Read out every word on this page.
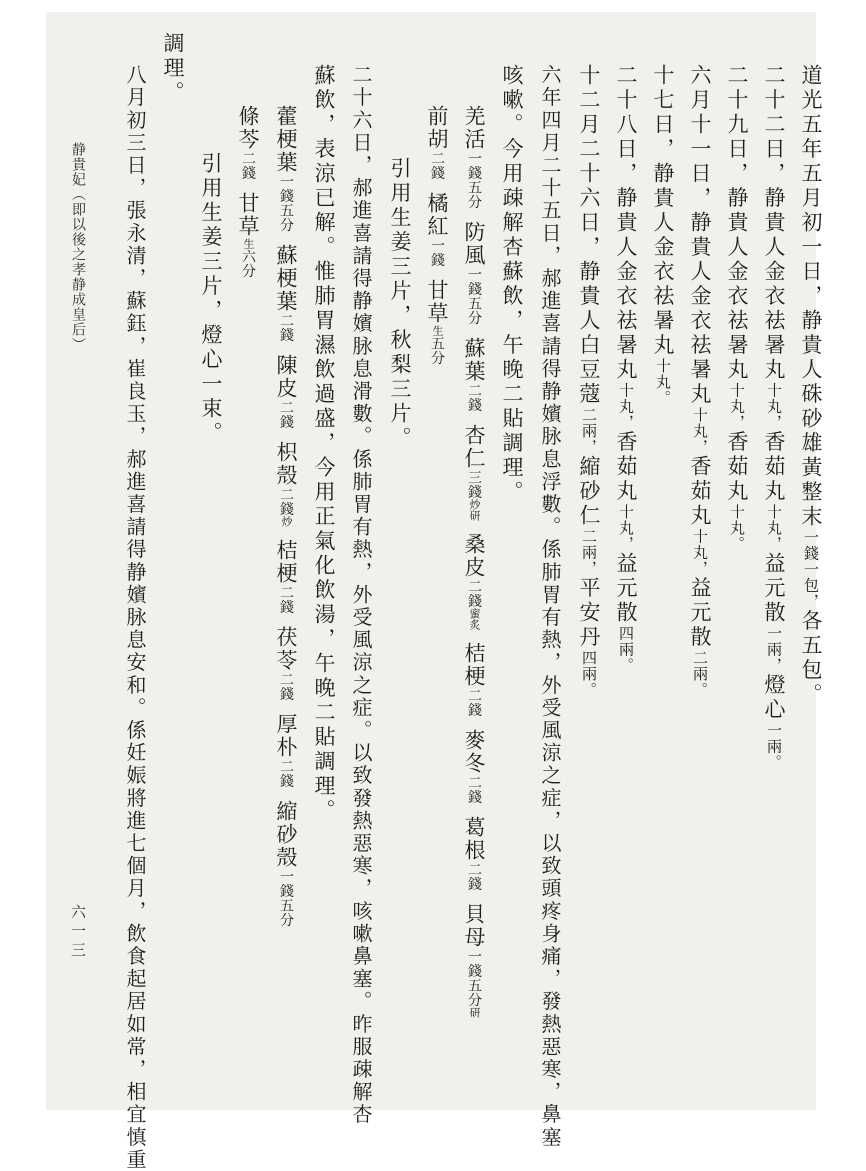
道光五年五月初一日，静貴人硃砂雄黃整末一錢一包，各五包。
二十二日，静貴人金衣祛暑丸十丸，香茹丸十丸，益元散一兩，燈心一兩。
二十九日，静貴人金衣祛暑丸十丸，香茹丸十丸。
六月十一日，静貴人金衣祛暑丸十丸，香茹丸十丸，益元散二兩。
十七日，静貴人金衣祛暑丸十丸。
二十八日，静貴人金衣祛暑丸十丸，香茹丸十丸，益元散四兩。
十二月二十六日，静貴人白豆蔻二兩，縮砂仁二兩，平安丹四兩。
六年四月二十五日，郝進喜請得静嬪脉息浮數。係肺胃有熱，外受風涼之症，以致頭疼身痛，發熱惡寒，鼻塞
咳嗽。今用疎解杏蘇飲，午晚二貼調理。
羌活一錢五分防風一錢五分蘇葉二錢杏仁三錢炒研桑皮二錢蜜炙桔梗二錢麥冬二錢葛根二錢貝母一錢五分研
前胡二錢橘紅一錢甘草生五分
引用生姜三片，秋梨三片。
二十六日，郝進喜請得静嬪脉息滑數。係肺胃有熱，外受風涼之症。以致發熱惡寒，咳嗽鼻塞。昨服疎解杏
蘇飲，表涼已解。惟肺胃濕飲過盛，今用正氣化飲湯，午晚二貼調理。
藿梗葉一錢五分蘇梗葉二錢陳皮二錢枳殼二錢炒桔梗二錢茯苓二錢厚朴二錢縮砂殼一錢五分
條芩二錢甘草生六分
引用生姜三片，燈心一束。
調理。
八月初三日，張永清，蘇鈺，崔良玉，郝進喜請得静嬪脉息安和。係妊娠將進七個月，飲食起居如常，相宜慎重
静貴妃（即以後之孝静成皇后）
六一三
